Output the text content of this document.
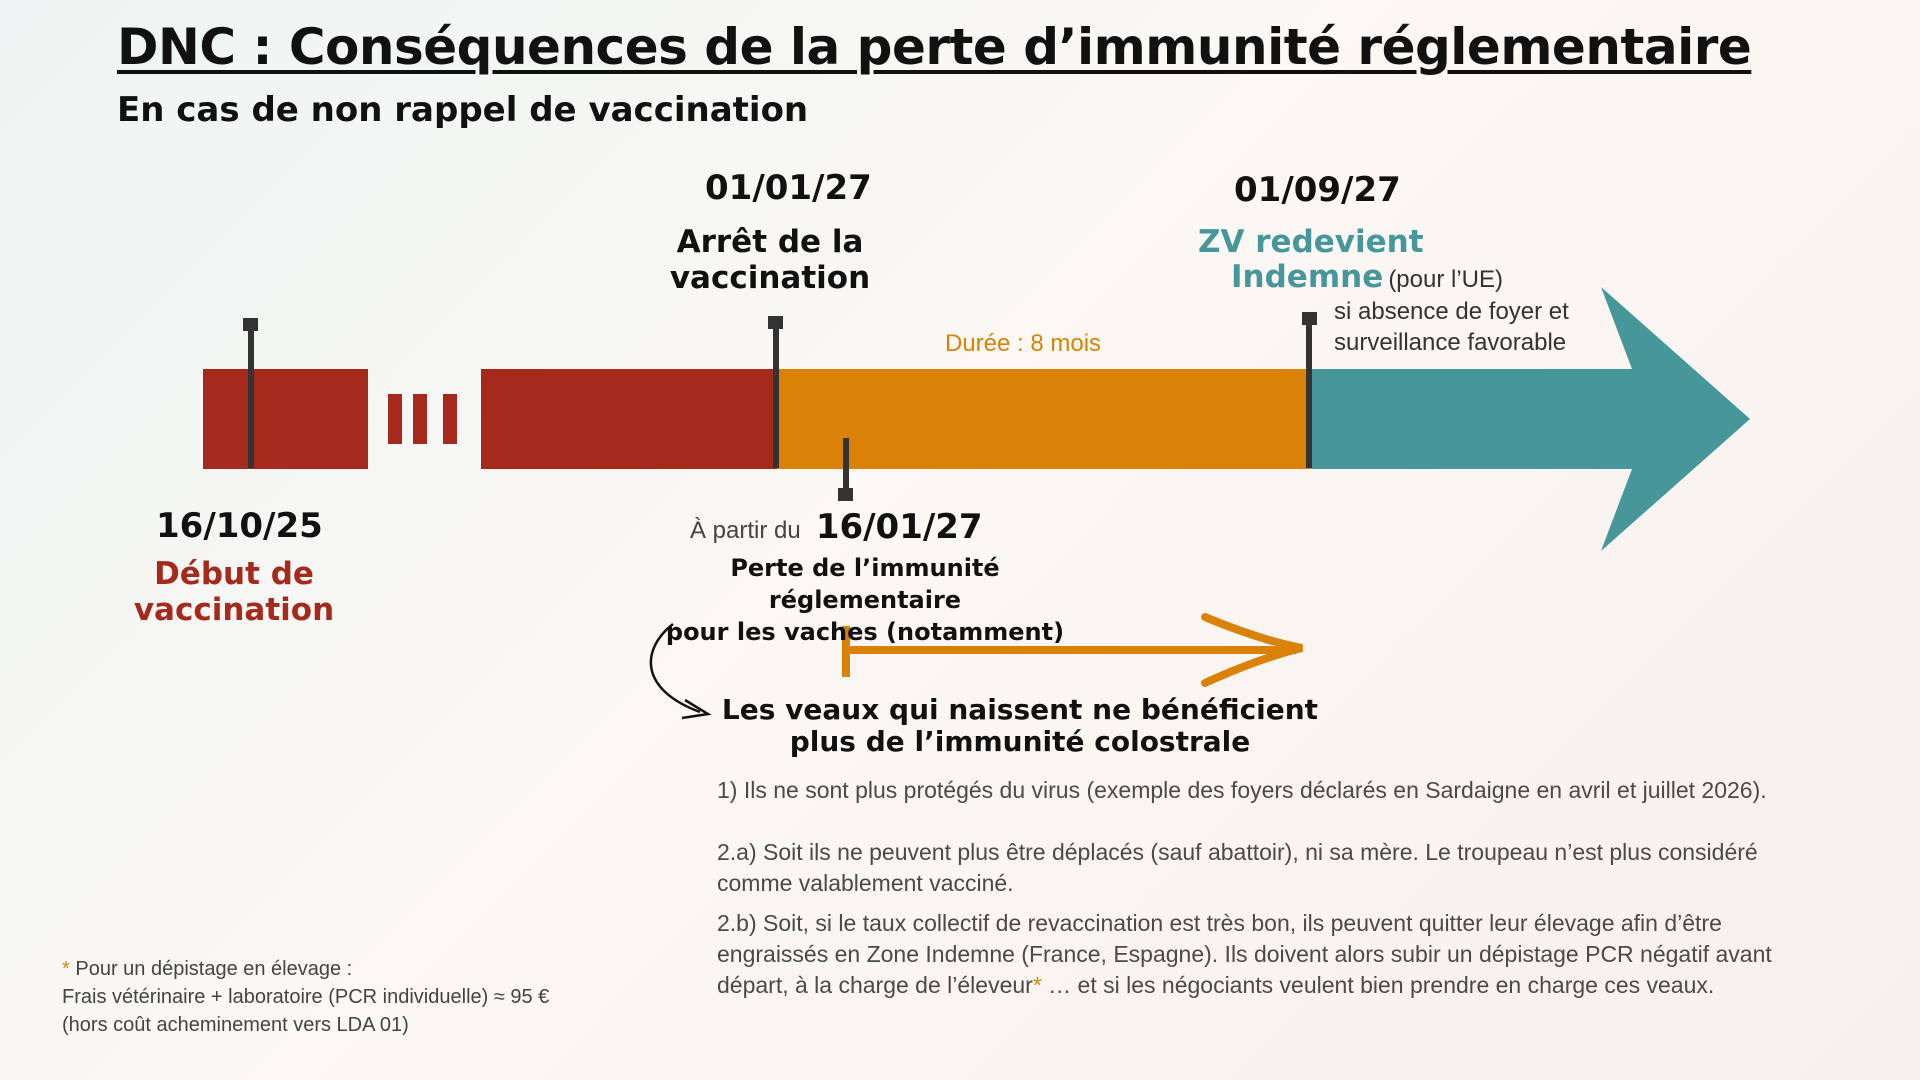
DNC : Conséquences de la perte d’immunité réglementaire
En cas de non rappel de vaccination
16/10/25
Début de
vaccination
01/01/27
Arrêt de la
vaccination
Durée : 8 mois
01/09/27
ZV redevient
Indemne (pour l’UE)
si absence de foyer et
surveillance favorable
À partir du 16/01/27
Perte de l’immunité réglementaire
pour les vaches (notamment)
Les veaux qui naissent ne bénéficient
plus de l’immunité colostrale
1) Ils ne sont plus protégés du virus (exemple des foyers déclarés en Sardaigne en avril et juillet 2026).
2.a) Soit ils ne peuvent plus être déplacés (sauf abattoir), ni sa mère. Le troupeau n’est plus considéré
comme valablement vacciné.
2.b) Soit, si le taux collectif de revaccination est très bon, ils peuvent quitter leur élevage afin d’être
engraissés en Zone Indemne (France, Espagne). Ils doivent alors subir un dépistage PCR négatif avant
départ, à la charge de l’éleveur* … et si les négociants veulent bien prendre en charge ces veaux.
* Pour un dépistage en élevage :
Frais vétérinaire + laboratoire (PCR individuelle) ≈ 95 €
(hors coût acheminement vers LDA 01)
